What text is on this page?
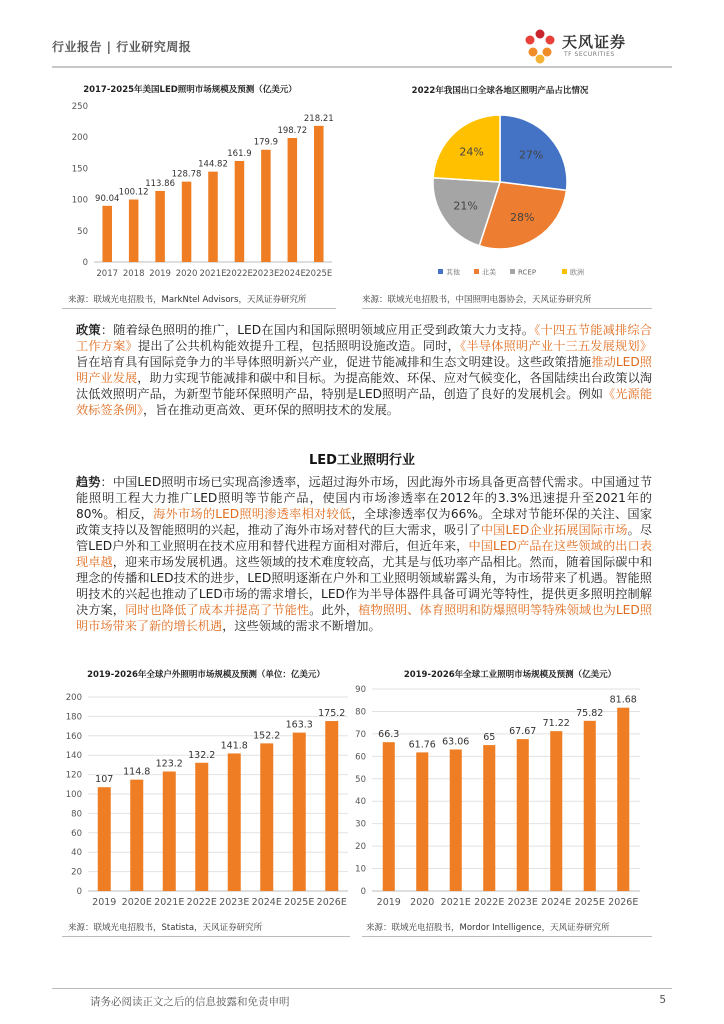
行业报告 | 行业研究周报	天风证券
TF SECURITIES
2017-2025年美国LED照明市场规模及预测（亿美元）
0
50
100
150
200
250
90.04
2017
100.12
2018
113.86
2019
128.78
2020
144.82
2021E
161.9
2022E
179.9
2023E
198.72
2024E
218.21
2025E
来源：联域光电招股书，MarkNtel Advisors，天风证券研究所
2022年我国出口全球各地区照明产品占比情况
27%
28%
21%
24%
其他	北美	RCEP	欧洲
来源：联域光电招股书，中国照明电器协会，天风证券研究所
政策：随着绿色照明的推广，LED在国内和国际照明领域应用正受到政策大力支持。《十四五节能减排综合工作方案》提出了公共机构能效提升工程，包括照明设施改造。同时，《半导体照明产业十三五发展规划》旨在培育具有国际竞争力的半导体照明新兴产业，促进节能减排和生态文明建设。这些政策措施推动LED照明产业发展，助力实现节能减排和碳中和目标。为提高能效、环保、应对气候变化，各国陆续出台政策以淘汰低效照明产品，为新型节能环保照明产品，特别是LED照明产品，创造了良好的发展机会。例如《光源能效标签条例》，旨在推动更高效、更环保的照明技术的发展。
LED工业照明行业
趋势：中国LED照明市场已实现高渗透率，远超过海外市场，因此海外市场具备更高替代需求。中国通过节能照明工程大力推广LED照明等节能产品，使国内市场渗透率在2012年的3.3%迅速提升至2021年的80%。相反，海外市场的LED照明渗透率相对较低，全球渗透率仅为66%。全球对节能环保的关注、国家政策支持以及智能照明的兴起，推动了海外市场对替代的巨大需求，吸引了中国LED企业拓展国际市场。尽管LED户外和工业照明在技术应用和替代进程方面相对滞后，但近年来，中国LED产品在这些领域的出口表现卓越，迎来市场发展机遇。这些领域的技术难度较高，尤其是与低功率产品相比。然而，随着国际碳中和理念的传播和LED技术的进步，LED照明逐渐在户外和工业照明领域崭露头角，为市场带来了机遇。智能照明技术的兴起也推动了LED市场的需求增长，LED作为半导体器件具备可调光等特性，提供更多照明控制解决方案，同时也降低了成本并提高了节能性。此外，植物照明、体育照明和防爆照明等特殊领域也为LED照明市场带来了新的增长机遇，这些领域的需求不断增加。
2019-2026年全球户外照明市场规模及预测（单位：亿美元）
0
20
40
60
80
100
120
140
160
180
200
107
2019
114.8
2020E
123.2
2021E
132.2
2022E
141.8
2023E
152.2
2024E
163.3
2025E
175.2
2026E
来源：联域光电招股书，Statista，天风证券研究所
2019-2026年全球工业照明市场规模及预测（亿美元）
0
10
20
30
40
50
60
70
80
90
66.3
2019
61.76
2020
63.06
2021E
65
2022E
67.67
2023E
71.22
2024E
75.82
2025E
81.68
2026E
来源：联域光电招股书，Mordor Intelligence，天风证券研究所
请务必阅读正文之后的信息披露和免责申明	5
